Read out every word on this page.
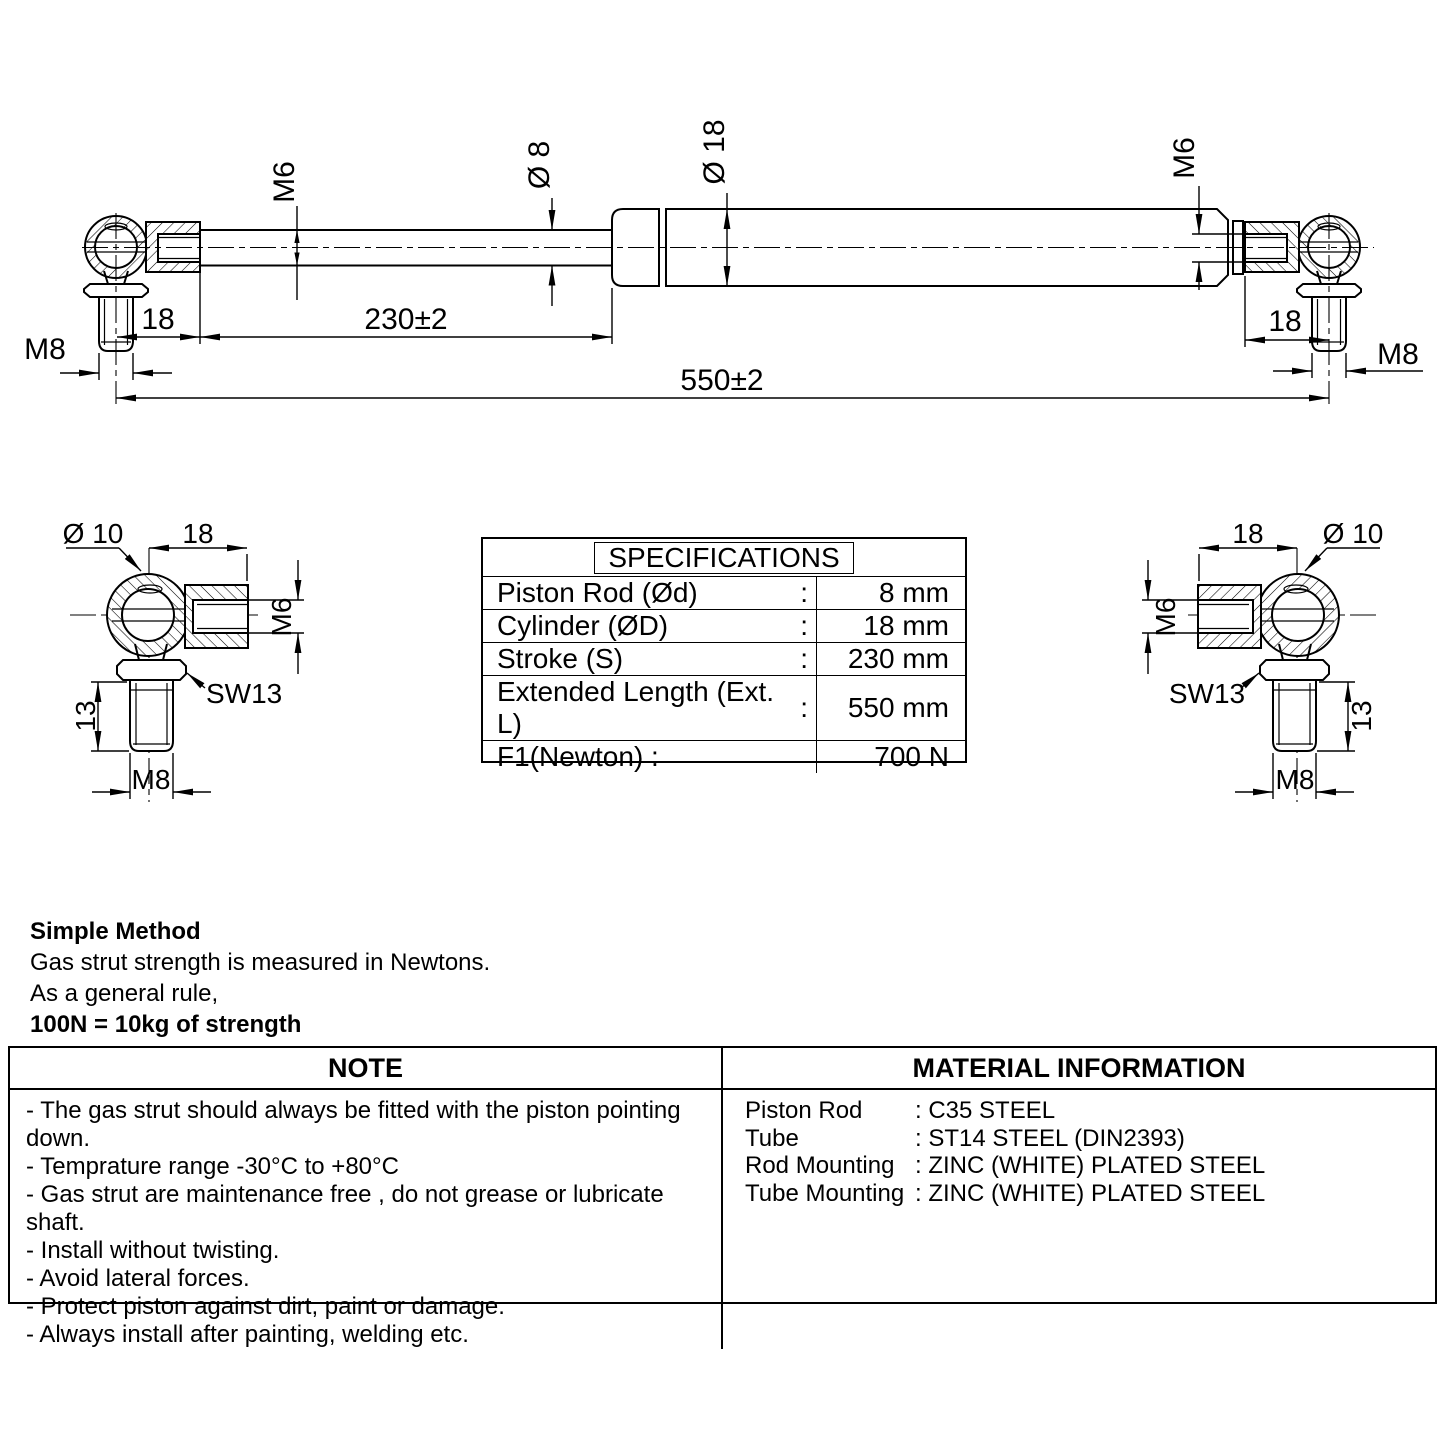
M6	Ø 8	Ø 18	M6
18	230±2	18
M8	M8
550±2
Ø 10 18
M6
13
SW13
M8
18 Ø 10
M6
SW13
13
M8
SPECIFICATIONS
Piston Rod (Ød)	:	8 mm
Cylinder (ØD)	:	18 mm
Stroke (S)	:	230 mm
Extended Length (Ext. L)
:	550 mm
F1(Newton) :	700 N
Simple Method
Gas strut strength is measured in Newtons.
As a general rule,
100N = 10kg of strength
NOTE	MATERIAL INFORMATION
- The gas strut should always be fitted with the piston pointing down.
- Temprature range -30°C to +80°C
- Gas strut are maintenance free , do not grease or lubricate shaft.
- Install without twisting.
- Avoid lateral forces.
- Protect piston against dirt, paint or damage.
- Always install after painting, welding etc.
Piston Rod	: C35 STEEL
Tube	: ST14 STEEL (DIN2393)
Rod Mounting : ZINC (WHITE) PLATED STEEL
Tube Mounting : ZINC (WHITE) PLATED STEEL
